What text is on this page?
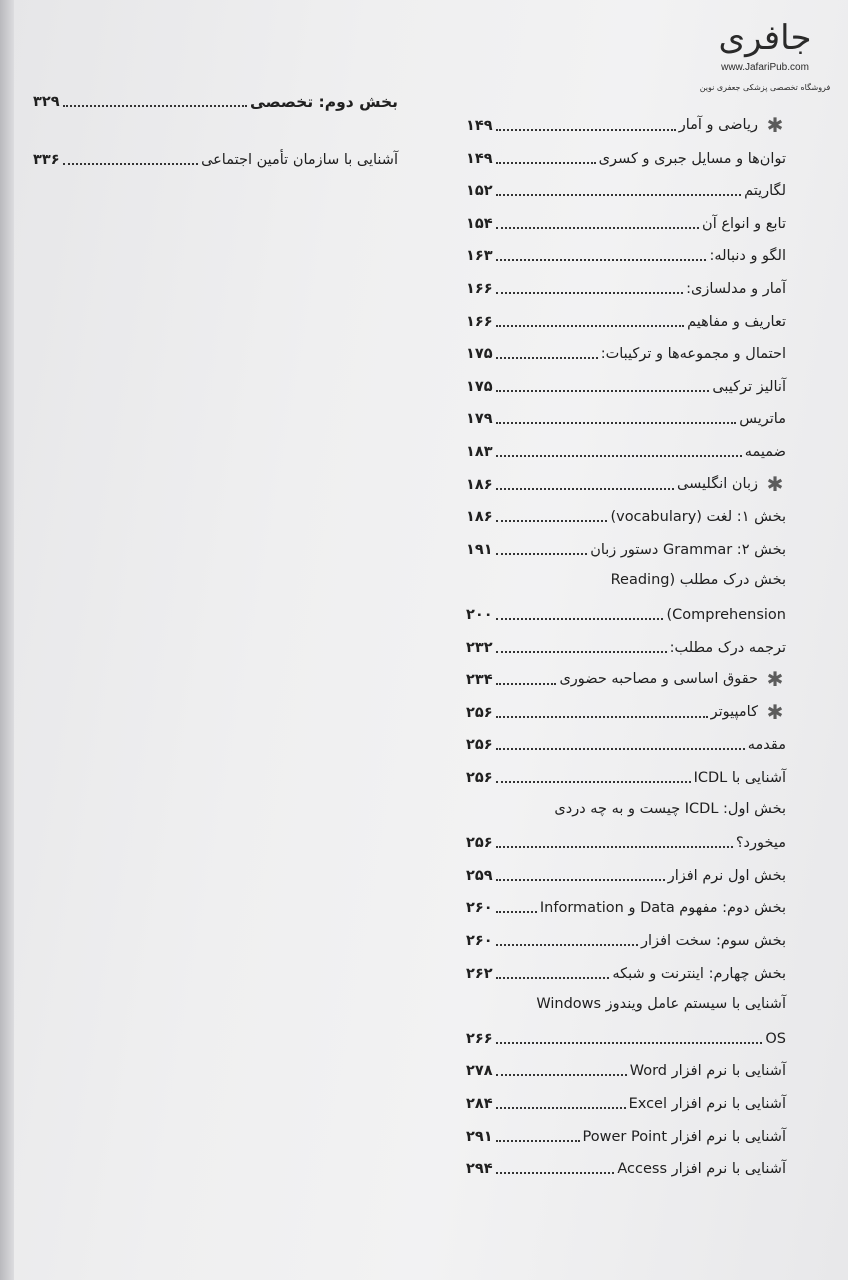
جافری
www.JafariPub.com
فروشگاه تخصصی پزشکی جعفری نوین
بخش دوم: تخصصی
۳۲۹
آشنایی با سازمان تأمین اجتماعی
۳۳۶
✱
ریاضی و آمار
۱۴۹
توان‌ها و مسایل جبری و کسری
۱۴۹
لگاریتم
۱۵۲
تابع و انواع آن
۱۵۴
الگو و دنباله:
۱۶۳
آمار و مدلسازی:
۱۶۶
تعاریف و مفاهیم
۱۶۶
احتمال و مجموعه‌ها و ترکیبات:
۱۷۵
آنالیز ترکیبی
۱۷۵
ماتریس
۱۷۹
ضمیمه
۱۸۳
✱
زبان انگلیسی
۱۸۶
بخش ۱: لغت (vocabulary)
۱۸۶
بخش ۲: Grammar دستور زبان
۱۹۱
بخش درک مطلب (Reading
Comprehension)
۲۰۰
ترجمه درک مطلب:
۲۳۲
✱
حقوق اساسی و مصاحبه حضوری
۲۳۴
✱
کامپیوتر
۲۵۶
مقدمه
۲۵۶
آشنایی با ICDL
۲۵۶
بخش اول: ICDL چیست و به چه دردی
میخورد؟
۲۵۶
بخش اول نرم افزار
۲۵۹
بخش دوم: مفهوم Data و Information
۲۶۰
بخش سوم: سخت افزار
۲۶۰
بخش چهارم: اینترنت و شبکه
۲۶۲
آشنایی با سیستم عامل ویندوز Windows
OS
۲۶۶
آشنایی با نرم افزار Word
۲۷۸
آشنایی با نرم افزار Excel
۲۸۴
آشنایی با نرم افزار Power Point
۲۹۱
آشنایی با نرم افزار Access
۲۹۴
